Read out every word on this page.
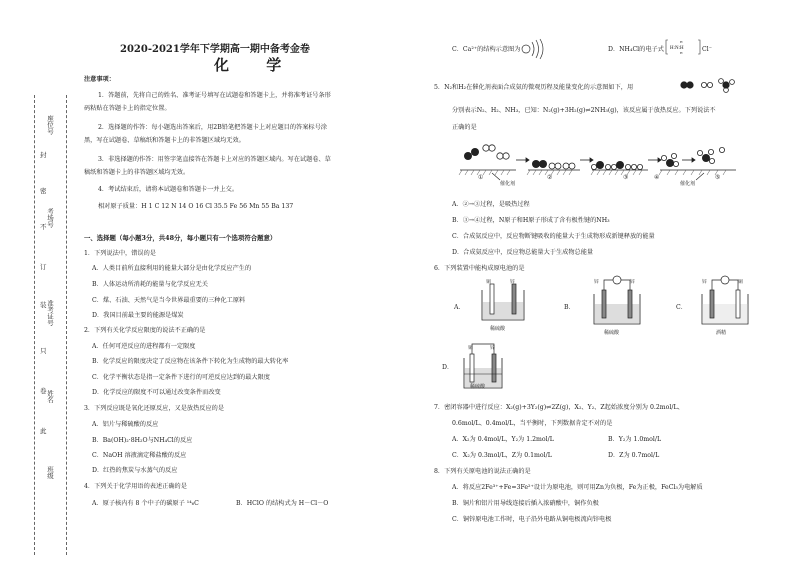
2020-2021学年下学期高一期中备考金卷
化 学
座位号
考场号
准考证号
姓名
班级
封
密
不
订
装
只
卷
此
注意事项：
1．答题前，先将自己的姓名、准考证号填写在试题卷和答题卡上，并将准考证号条形
码粘贴在答题卡上的指定位置。
2．选择题的作答：每小题选出答案后，用2B铅笔把答题卡上对应题目的答案标号涂
黑，写在试题卷、草稿纸和答题卡上的非答题区域均无效。
3．非选择题的作答：用签字笔直接答在答题卡上对应的答题区域内。写在试题卷、草
稿纸和答题卡上的非答题区域均无效。
4．考试结束后，请将本试题卷和答题卡一并上交。
相对原子质量：H 1 C 12 N 14 O 16 Cl 35.5 Fe 56 Mn 55 Ba 137
一、选择题（每小题3分，共48分，每小题只有一个选项符合题意）
1．下列说法中，错误的是
A．人类目前所直接利用的能量大部分是由化学反应产生的
B．人体运动所消耗的能量与化学反应无关
C．煤、石油、天然气是当今世界最重要的三种化工原料
D．我国目前最主要的能源是煤炭
2．下列有关化学反应限度的说法不正确的是
A．任何可逆反应的进程都有一定限度
B．化学反应的限度决定了反应物在该条件下转化为生成物的最大转化率
C．化学平衡状态是指一定条件下进行的可逆反应达到的最大限度
D．化学反应的限度不可以通过改变条件而改变
3．下列反应既是氧化还原反应，又是放热反应的是
A．铝片与稀硫酸的反应
B．Ba(OH)₂·8H₂O与NH₄Cl的反应
C．NaOH 溶液滴定稀盐酸的反应
D．红热的焦炭与水蒸气的反应
4．下列关于化学用语的表述正确的是
A．原子核内有 8 个中子的碳原子 ¹⁴₆C	B．HClO 的结构式为 H－Cl－O
C．Ca²⁺的结构示意图为	D．NH₄Cl的电子式 H:N:H
H
H	Cl⁻
5．N₂和H₂在催化剂表面合成氨的微观历程及能量变化的示意图如下，用
分别表示N₂、H₂、NH₃，已知：N₂(g)+3H₂(g)⇌2NH₃(g)，该反应属于放热反应。下列说法不
正确的是
①	②	③	④	⑤
催化剂	催化剂
A．②→③过程，是吸热过程
B．③→④过程，N原子和H原子形成了含有极性键的NH₃
C．合成氨反应中，反应物断键吸收的能量大于生成物形成新键释放的能量
D．合成氨反应中，反应物总能量大于生成物总能量
6．下列装置中能构成原电池的是
A．
铜	锌
稀硫酸
B．
锌	锌
稀硫酸
C．
锌	铜
酒精
D．
铜	锌
稀硫酸
7．密闭容器中进行反应：X₂(g)+3Y₂(g)⇌2Z(g)，X₂、Y₂、Z起始浓度分别为 0.2mol/L、
0.6mol/L、0.4mol/L，当平衡时，下列数据肯定不对的是
A．X₂为 0.4mol/L，Y₂为 1.2mol/L	B．Y₂为 1.0mol/L
C．X₂为 0.3mol/L，Z为 0.1mol/L	D．Z为 0.7mol/L
8．下列有关原电池的说法正确的是
A．将反应2Fe³⁺+Fe=3Fe²⁺设计为原电池，则可用Zn为负极，Fe为正极，FeCl₃为电解质
B．铜片和铝片用导线连接后插入浓硝酸中，铜作负极
C．铜锌原电池工作时，电子沿外电路从铜电极流向锌电极
